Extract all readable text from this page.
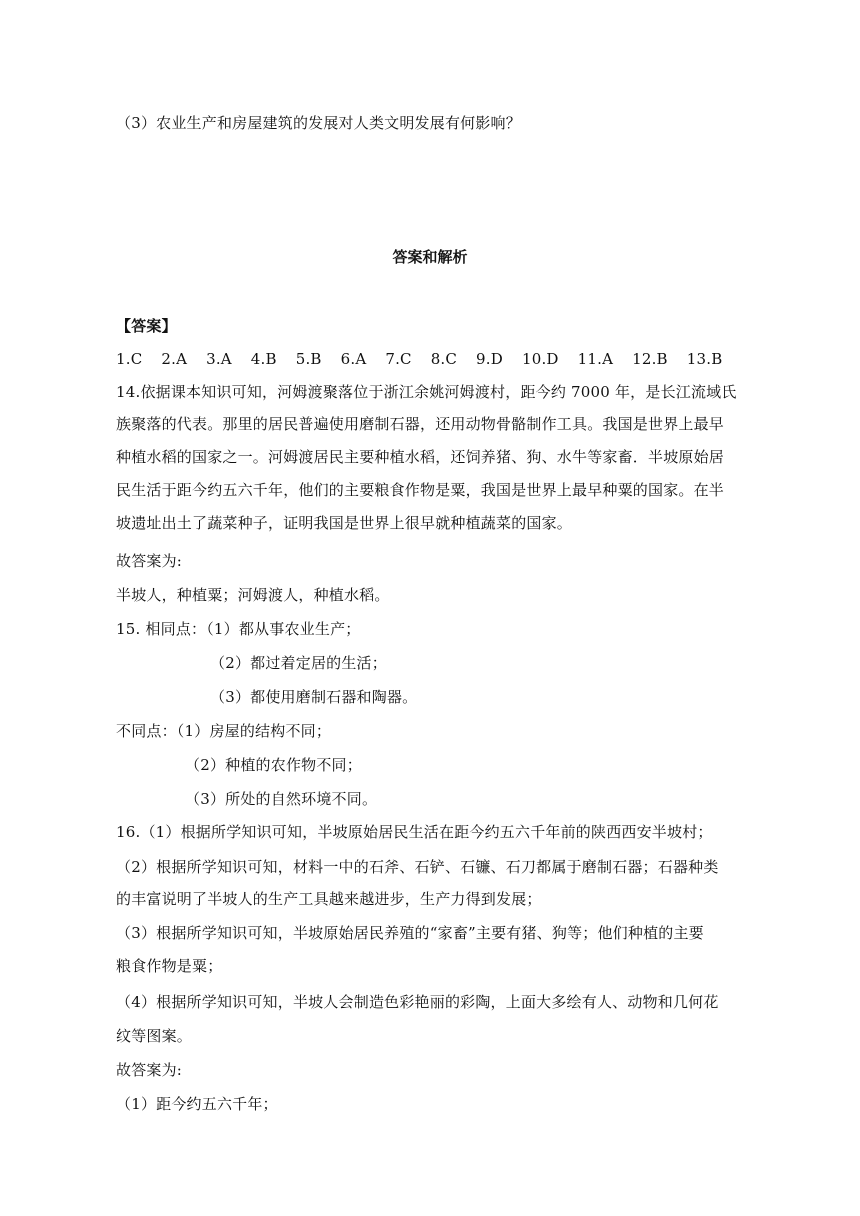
（3）农业生产和房屋建筑的发展对人类文明发展有何影响？
答案和解析
【答案】
1.C 2.A 3.A 4.B 5.B 6.A 7.C 8.C 9.D 10.D 11.A 12.B 13.B
14.依据课本知识可知，河姆渡聚落位于浙江余姚河姆渡村，距今约 7000 年，是长江流域氏
族聚落的代表。那里的居民普遍使用磨制石器，还用动物骨骼制作工具。我国是世界上最早
种植水稻的国家之一。河姆渡居民主要种植水稻，还饲养猪、狗、水牛等家畜．半坡原始居
民生活于距今约五六千年，他们的主要粮食作物是粟，我国是世界上最早种粟的国家。在半
坡遗址出土了蔬菜种子，证明我国是世界上很早就种植蔬菜的国家。
故答案为:
半坡人，种植粟；河姆渡人，种植水稻。
15. 相同点：（1）都从事农业生产；
（2）都过着定居的生活；
（3）都使用磨制石器和陶器。
不同点：（1）房屋的结构不同；
（2）种植的农作物不同；
（3）所处的自然环境不同。
16.（1）根据所学知识可知，半坡原始居民生活在距今约五六千年前的陕西西安半坡村；
（2）根据所学知识可知，材料一中的石斧、石铲、石镰、石刀都属于磨制石器；石器种类
的丰富说明了半坡人的生产工具越来越进步，生产力得到发展；
（3）根据所学知识可知，半坡原始居民养殖的“家畜”主要有猪、狗等；他们种植的主要
粮食作物是粟；
（4）根据所学知识可知，半坡人会制造色彩艳丽的彩陶，上面大多绘有人、动物和几何花
纹等图案。
故答案为:
（1）距今约五六千年；
